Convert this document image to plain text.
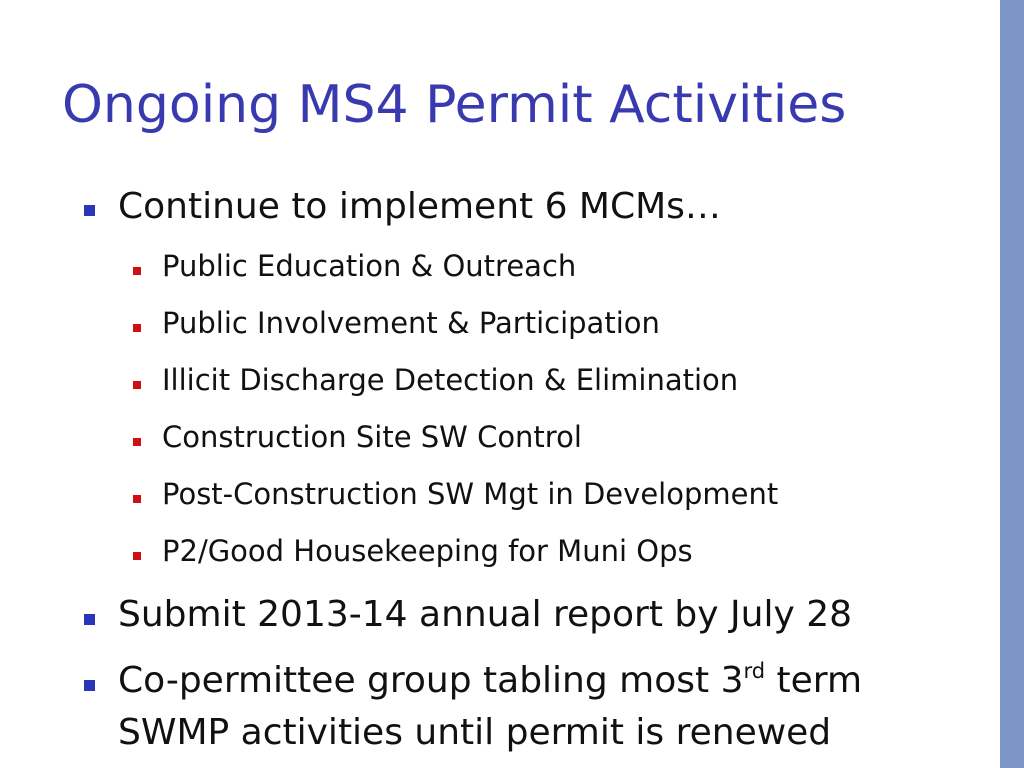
Ongoing MS4 Permit Activities
Continue to implement 6 MCMs…
Public Education & Outreach
Public Involvement & Participation
Illicit Discharge Detection & Elimination
Construction Site SW Control
Post-Construction SW Mgt in Development
P2/Good Housekeeping for Muni Ops
Submit 2013-14 annual report by July 28
Co-permittee group tabling most 3rd term
SWMP activities until permit is renewed
